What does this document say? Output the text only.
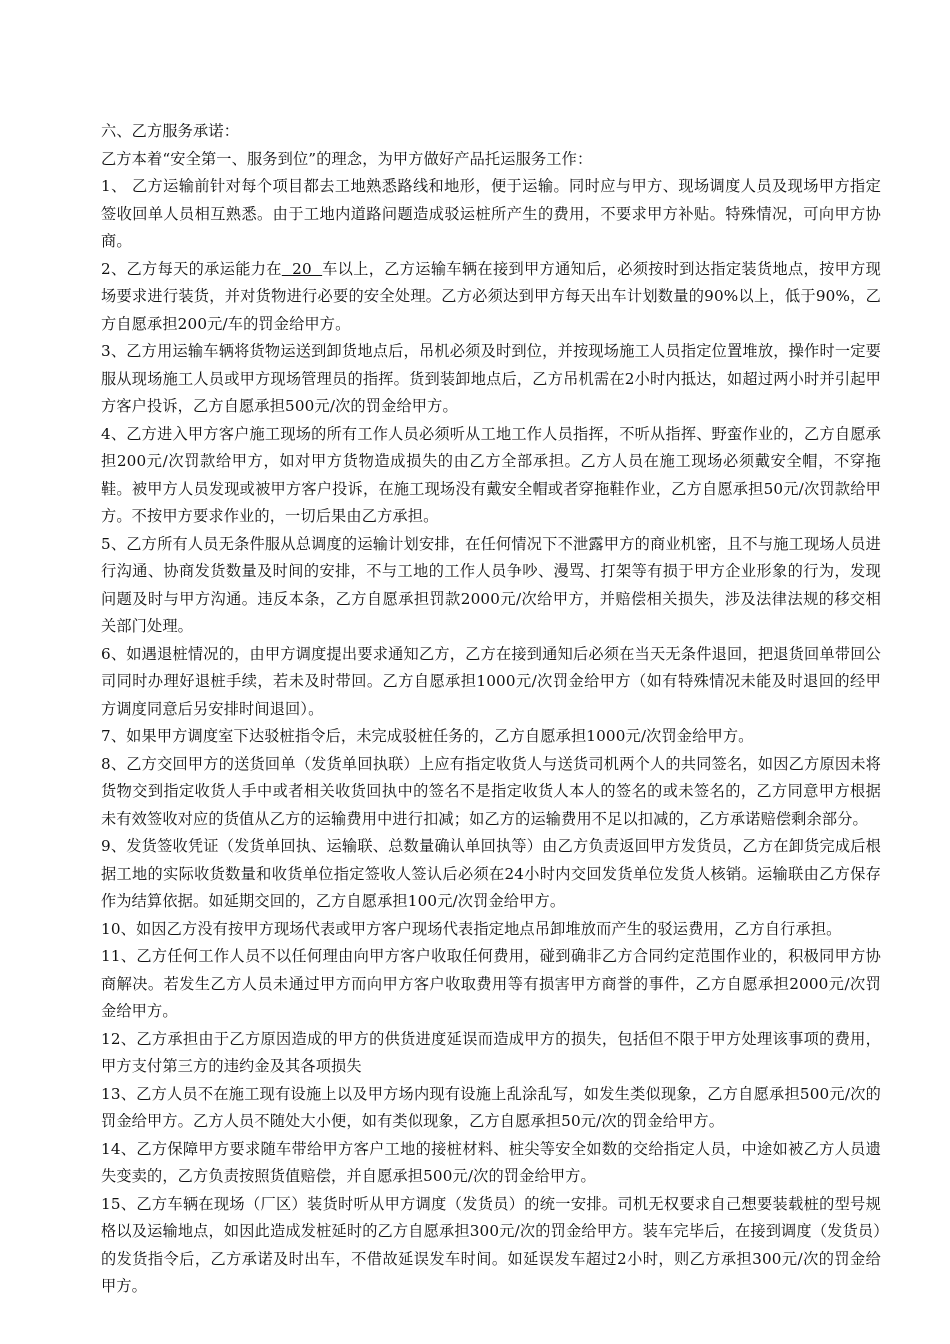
六、乙方服务承诺：

乙方本着“安全第一、服务到位”的理念，为甲方做好产品托运服务工作：

1、 乙方运输前针对每个项目都去工地熟悉路线和地形，便于运输。同时应与甲方、现场调度人员及现场甲方指定签收回单人员相互熟悉。由于工地内道路问题造成驳运桩所产生的费用，不要求甲方补贴。特殊情况，可向甲方协商。

2、乙方每天的承运能力在  20  车以上，乙方运输车辆在接到甲方通知后，必须按时到达指定装货地点，按甲方现场要求进行装货，并对货物进行必要的安全处理。乙方必须达到甲方每天出车计划数量的90%以上，低于90%，乙方自愿承担200元/车的罚金给甲方。

3、乙方用运输车辆将货物运送到卸货地点后，吊机必须及时到位，并按现场施工人员指定位置堆放，操作时一定要服从现场施工人员或甲方现场管理员的指挥。货到装卸地点后，乙方吊机需在2小时内抵达，如超过两小时并引起甲方客户投诉，乙方自愿承担500元/次的罚金给甲方。

4、乙方进入甲方客户施工现场的所有工作人员必须听从工地工作人员指挥，不听从指挥、野蛮作业的，乙方自愿承担200元/次罚款给甲方，如对甲方货物造成损失的由乙方全部承担。乙方人员在施工现场必须戴安全帽，不穿拖鞋。被甲方人员发现或被甲方客户投诉，在施工现场没有戴安全帽或者穿拖鞋作业，乙方自愿承担50元/次罚款给甲方。不按甲方要求作业的，一切后果由乙方承担。

5、乙方所有人员无条件服从总调度的运输计划安排，在任何情况下不泄露甲方的商业机密，且不与施工现场人员进行沟通、协商发货数量及时间的安排，不与工地的工作人员争吵、漫骂、打架等有损于甲方企业形象的行为，发现问题及时与甲方沟通。违反本条，乙方自愿承担罚款2000元/次给甲方，并赔偿相关损失，涉及法律法规的移交相关部门处理。

6、如遇退桩情况的，由甲方调度提出要求通知乙方，乙方在接到通知后必须在当天无条件退回，把退货回单带回公司同时办理好退桩手续，若未及时带回。乙方自愿承担1000元/次罚金给甲方（如有特殊情况未能及时退回的经甲方调度同意后另安排时间退回）。

7、如果甲方调度室下达驳桩指令后，未完成驳桩任务的，乙方自愿承担1000元/次罚金给甲方。

8、乙方交回甲方的送货回单（发货单回执联）上应有指定收货人与送货司机两个人的共同签名，如因乙方原因未将货物交到指定收货人手中或者相关收货回执中的签名不是指定收货人本人的签名的或未签名的，乙方同意甲方根据未有效签收对应的货值从乙方的运输费用中进行扣减；如乙方的运输费用不足以扣减的，乙方承诺赔偿剩余部分。

9、发货签收凭证（发货单回执、运输联、总数量确认单回执等）由乙方负责返回甲方发货员，乙方在卸货完成后根据工地的实际收货数量和收货单位指定签收人签认后必须在24小时内交回发货单位发货人核销。运输联由乙方保存作为结算依据。如延期交回的，乙方自愿承担100元/次罚金给甲方。

10、如因乙方没有按甲方现场代表或甲方客户现场代表指定地点吊卸堆放而产生的驳运费用，乙方自行承担。

11、乙方任何工作人员不以任何理由向甲方客户收取任何费用，碰到确非乙方合同约定范围作业的，积极同甲方协商解决。若发生乙方人员未通过甲方而向甲方客户收取费用等有损害甲方商誉的事件，乙方自愿承担2000元/次罚金给甲方。

12、乙方承担由于乙方原因造成的甲方的供货进度延误而造成甲方的损失，包括但不限于甲方处理该事项的费用，甲方支付第三方的违约金及其各项损失

13、乙方人员不在施工现有设施上以及甲方场内现有设施上乱涂乱写，如发生类似现象，乙方自愿承担500元/次的罚金给甲方。乙方人员不随处大小便，如有类似现象，乙方自愿承担50元/次的罚金给甲方。

14、乙方保障甲方要求随车带给甲方客户工地的接桩材料、桩尖等安全如数的交给指定人员，中途如被乙方人员遗失变卖的，乙方负责按照货值赔偿，并自愿承担500元/次的罚金给甲方。

15、乙方车辆在现场（厂区）装货时听从甲方调度（发货员）的统一安排。司机无权要求自己想要装载桩的型号规格以及运输地点，如因此造成发桩延时的乙方自愿承担300元/次的罚金给甲方。装车完毕后，在接到调度（发货员）的发货指令后，乙方承诺及时出车，不借故延误发车时间。如延误发车超过2小时，则乙方承担300元/次的罚金给甲方。
